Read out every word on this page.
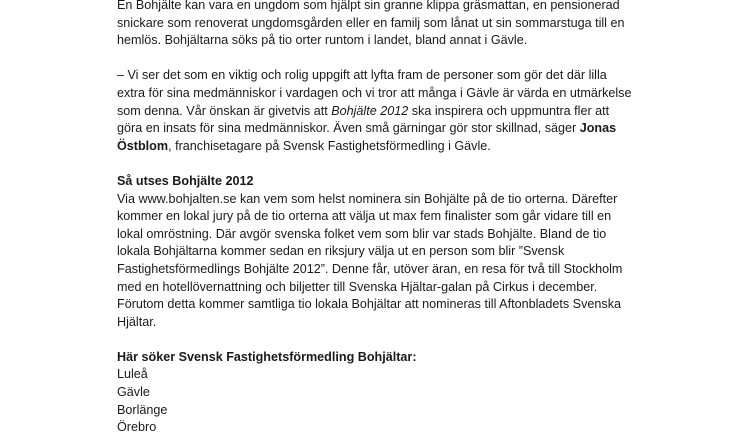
En Bohjälte kan vara en ungdom som hjälpt sin granne klippa gräsmattan, en pensionerad

snickare som renoverat ungdomsgården eller en familj som lånat ut sin sommarstuga till en

hemlös. Bohjältarna söks på tio orter runtom i landet, bland annat i Gävle.

– Vi ser det som en viktig och rolig uppgift att lyfta fram de personer som gör det där lilla

extra för sina medmänniskor i vardagen och vi tror att många i Gävle är värda en utmärkelse

som denna. Vår önskan är givetvis att Bohjälte 2012 ska inspirera och uppmuntra fler att

göra en insats för sina medmänniskor. Även små gärningar gör stor skillnad, säger Jonas

Östblom, franchisetagare på Svensk Fastighetsförmedling i Gävle.

Så utses Bohjälte 2012

Via www.bohjalten.se kan vem som helst nominera sin Bohjälte på de tio orterna. Därefter

kommer en lokal jury på de tio orterna att välja ut max fem finalister som går vidare till en

lokal omröstning. Där avgör svenska folket vem som blir var stads Bohjälte. Bland de tio

lokala Bohjältarna kommer sedan en riksjury välja ut en person som blir ”Svensk

Fastighetsförmedlings Bohjälte 2012”. Denne får, utöver äran, en resa för två till Stockholm

med en hotellövernattning och biljetter till Svenska Hjältar-galan på Cirkus i december.

Förutom detta kommer samtliga tio lokala Bohjältar att nomineras till Aftonbladets Svenska

Hjältar.

Här söker Svensk Fastighetsförmedling Bohjältar:

Luleå

Gävle

Borlänge

Örebro
